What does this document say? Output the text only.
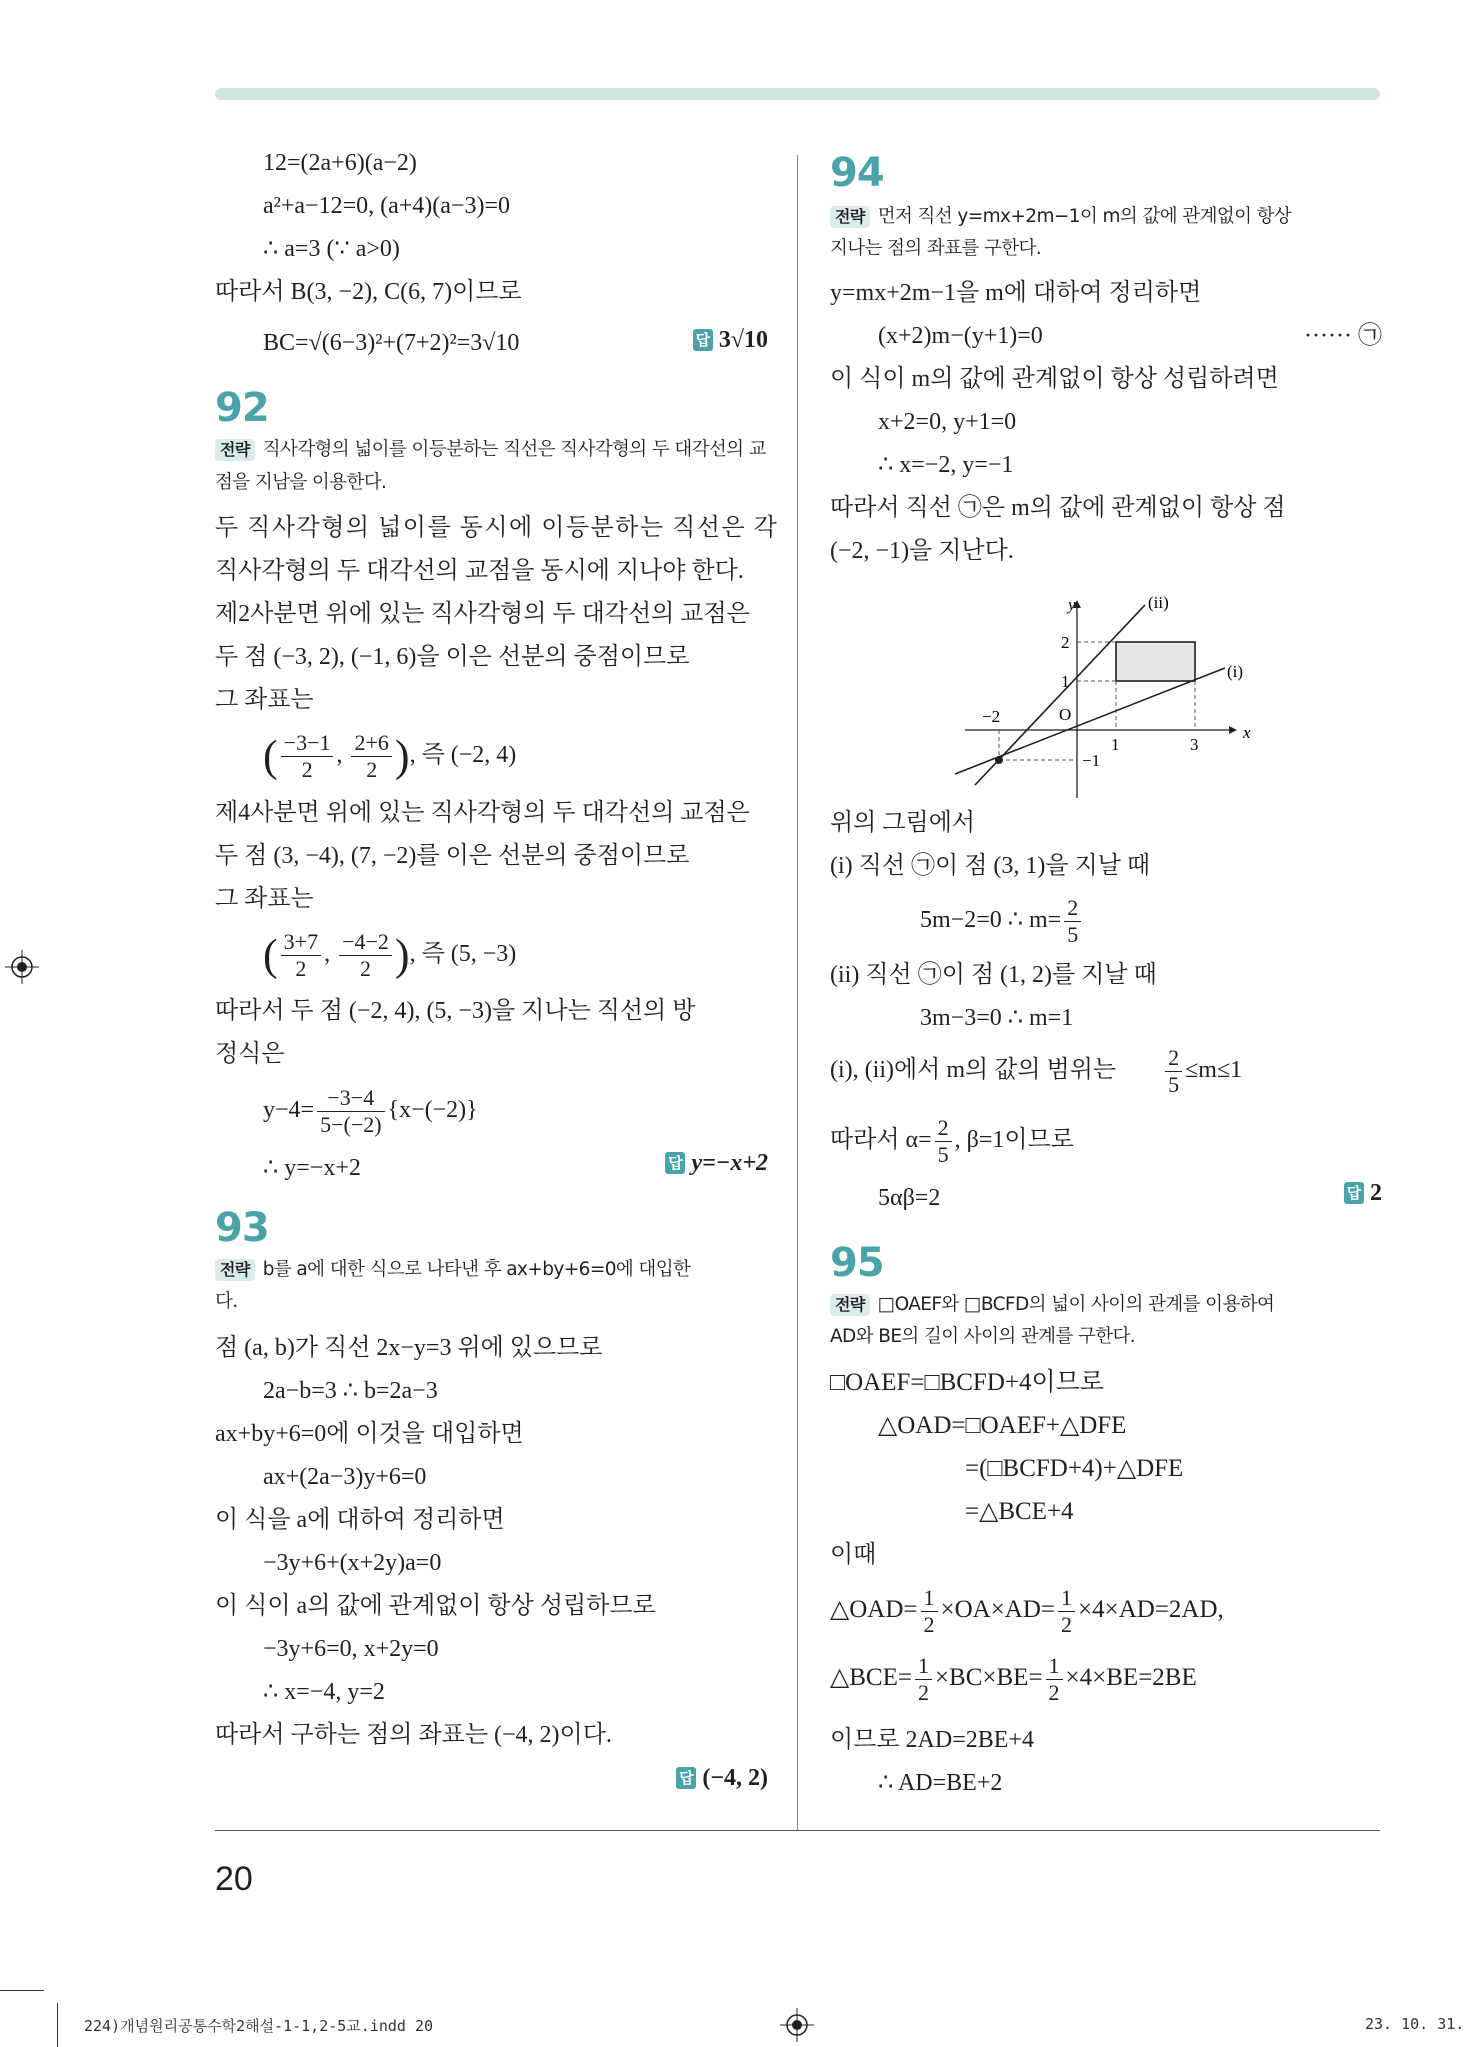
12=(2a+6)(a−2)
a²+a−12=0, (a+4)(a−3)=0
∴ a=3 (∵ a>0)
따라서 B(3, −2), C(6, 7)이므로
BC=√(6−3)²+(7+2)²=3√10	답 3√10
92
전략 직사각형의 넓이를 이등분하는 직선은 직사각형의 두 대각선의 교점을 지남을 이용한다.
두 직사각형의 넓이를 동시에 이등분하는 직선은 각
직사각형의 두 대각선의 교점을 동시에 지나야 한다.
제2사분면 위에 있는 직사각형의 두 대각선의 교점은
두 점 (−3, 2), (−1, 6)을 이은 선분의 중점이므로
그 좌표는
( $\frac{-3-1}{2}$ , $\frac{2+6}{2}$ ), 즉 (−2, 4)
제4사분면 위에 있는 직사각형의 두 대각선의 교점은
두 점 (3, −4), (7, −2)를 이은 선분의 중점이므로
그 좌표는
( $\frac{3+7}{2}$ , $\frac{-4-2}{2}$ ), 즉 (5, −3)
따라서 두 점 (−2, 4), (5, −3)을 지나는 직선의 방
정식은
$y-4= \frac{-3-4}{5-(-2)} \{x-(-2)\}$
∴ y=−x+2	답 y=−x+2
93
전략 b를 a에 대한 식으로 나타낸 후 ax+by+6=0에 대입한
다.
점 (a, b)가 직선 2x−y=3 위에 있으므로
2a−b=3 ∴ b=2a−3
ax+by+6=0에 이것을 대입하면
ax+(2a−3)y+6=0
이 식을 a에 대하여 정리하면
−3y+6+(x+2y)a=0
이 식이 a의 값에 관계없이 항상 성립하므로
−3y+6=0, x+2y=0
∴ x=−4, y=2
따라서 구하는 점의 좌표는 (−4, 2)이다.
답 (−4, 2)
94
전략 먼저 직선 y=mx+2m−1이 m의 값에 관계없이 항상
지나는 점의 좌표를 구한다.
y=mx+2m−1을 m에 대하여 정리하면
(x+2)m−(y+1)=0	······ ㉠
이 식이 m의 값에 관계없이 항상 성립하려면
x+2=0, y+1=0
∴ x=−2, y=−1
따라서 직선 ㉠은 m의 값에 관계없이 항상 점
(−2, −1)을 지난다.
y
x
O
−2
1	3
2
1
−1
(ii)
(i)
위의 그림에서
(i) 직선 ㉠이 점 (3, 1)을 지날 때
5m−2=0 ∴ $m= \frac{2}{5}$
(ii) 직선 ㉠이 점 (1, 2)를 지날 때
3m−3=0 ∴ m=1
(i), (ii)에서 m의 값의 범위는 $\frac{2}{5} \le m\le 1$
따라서 $\alpha= \frac{2}{5}$ , β=1이므로
5αβ=2	답 2
95
전략 □OAEF와 □BCFD의 넓이 사이의 관계를 이용하여
AD와 BE의 길이 사이의 관계를 구한다.
□OAEF=□BCFD+4이므로
△OAD=□OAEF+△DFE
=(□BCFD+4)+△DFE
=△BCE+4
이때
△OAD= $\frac{1}{2} \times OA\times AD= \frac{1}{2} \times 4\times AD=2AD$,
△BCE= $\frac{1}{2} \times BC\times BE= \frac{1}{2} \times 4\times BE=2BE$
이므로 2AD=2BE+4
∴ AD=BE+2
20
224)개념원리공통수학2해설-1-1,2-5교.indd 20	23. 10. 31.
